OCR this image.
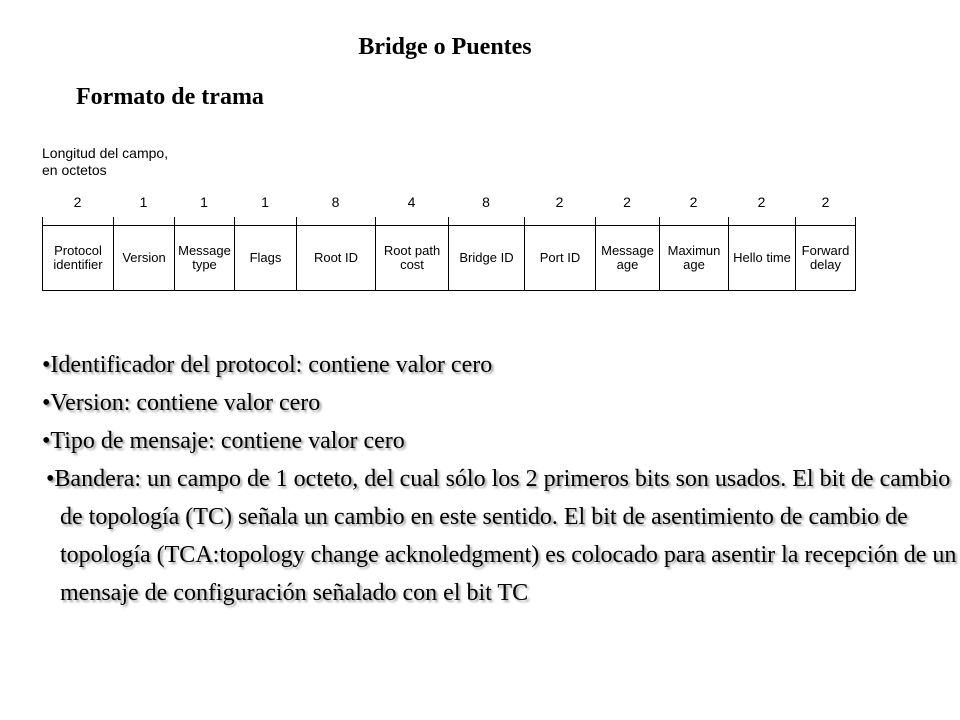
Bridge o Puentes
Formato de trama
Longitud del campo,
en octetos
2
Protocol identifier
1
Version
1
Message type
1
Flags
8
Root ID
4
Root path cost
8
Bridge ID
2
Port ID
2
Message age
2
Maximun age
2
Hello time
2
Forward delay
•Identificador del protocol: contiene valor cero
•Version: contiene valor cero
•Tipo de mensaje: contiene valor cero
•Bandera: un campo de 1 octeto, del cual sólo los 2 primeros bits son usados. El bit de cambio de topología (TC) señala un cambio en este sentido. El bit de asentimiento de cambio de topología (TCA:topology change acknoledgment) es colocado para asentir la recepción de un mensaje de configuración señalado con el bit TC
